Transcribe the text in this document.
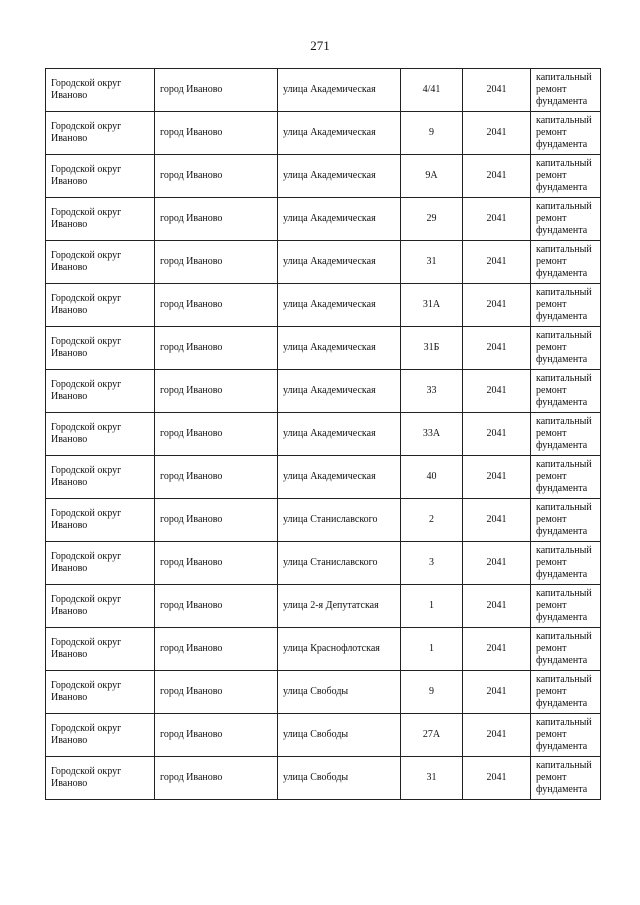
271
Городской округ Иваново	город Иваново	улица Академическая	4/41	2041	капитальный ремонт фундамента
Городской округ Иваново	город Иваново	улица Академическая	9	2041	капитальный ремонт фундамента
Городской округ Иваново	город Иваново	улица Академическая	9А	2041	капитальный ремонт фундамента
Городской округ Иваново	город Иваново	улица Академическая	29	2041	капитальный ремонт фундамента
Городской округ Иваново	город Иваново	улица Академическая	31	2041	капитальный ремонт фундамента
Городской округ Иваново	город Иваново	улица Академическая	31А	2041	капитальный ремонт фундамента
Городской округ Иваново	город Иваново	улица Академическая	31Б	2041	капитальный ремонт фундамента
Городской округ Иваново	город Иваново	улица Академическая	33	2041	капитальный ремонт фундамента
Городской округ Иваново	город Иваново	улица Академическая	33А	2041	капитальный ремонт фундамента
Городской округ Иваново	город Иваново	улица Академическая	40	2041	капитальный ремонт фундамента
Городской округ Иваново	город Иваново	улица Станиславского	2	2041	капитальный ремонт фундамента
Городской округ Иваново	город Иваново	улица Станиславского	3	2041	капитальный ремонт фундамента
Городской округ Иваново	город Иваново	улица 2-я Депутатская	1	2041	капитальный ремонт фундамента
Городской округ Иваново	город Иваново	улица Краснофлотская	1	2041	капитальный ремонт фундамента
Городской округ Иваново	город Иваново	улица Свободы	9	2041	капитальный ремонт фундамента
Городской округ Иваново	город Иваново	улица Свободы	27А	2041	капитальный ремонт фундамента
Городской округ Иваново	город Иваново	улица Свободы	31	2041	капитальный ремонт фундамента
